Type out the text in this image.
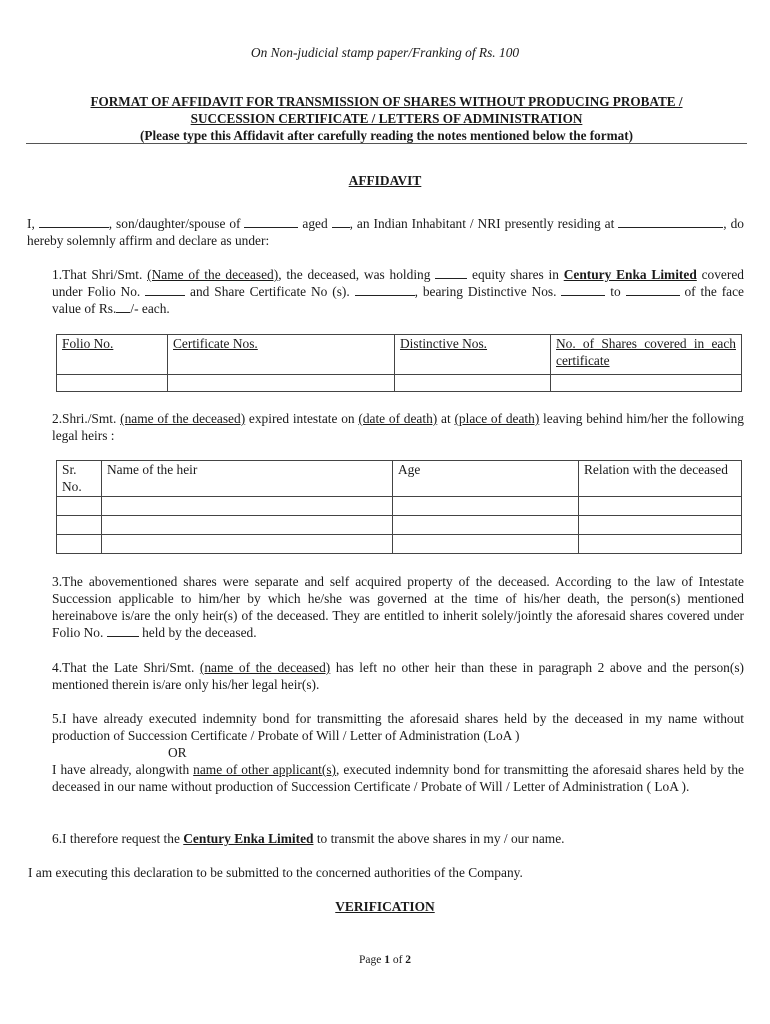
On Non-judicial stamp paper/Franking of Rs. 100
FORMAT OF AFFIDAVIT FOR TRANSMISSION OF SHARES WITHOUT PRODUCING PROBATE /
SUCCESSION CERTIFICATE / LETTERS OF ADMINISTRATION
(Please type this Affidavit after carefully reading the notes mentioned below the format)
AFFIDAVIT
I,	, son/daughter/spouse of	aged , an Indian Inhabitant / NRI presently residing at	, do hereby solemnly affirm and declare as under:
1.That Shri/Smt. (Name of the deceased), the deceased, was holding	equity shares in Century Enka Limited covered under Folio No.	and Share Certificate No (s).	, bearing Distinctive Nos.	to	of the face value of Rs. /- each.
Folio No.	Certificate Nos.	Distinctive Nos.	No. of Shares covered in each certificate

2.Shri./Smt. (name of the deceased) expired intestate on (date of death) at (place of death) leaving behind him/her the following legal heirs :
Sr. No.	Name of the heir	Age	Relation with the deceased

3.The abovementioned shares were separate and self acquired property of the deceased. According to the law of Intestate Succession applicable to him/her by which he/she was governed at the time of his/her death, the person(s) mentioned hereinabove is/are the only heir(s) of the deceased. They are entitled to inherit solely/jointly the aforesaid shares covered under Folio No.	held by the deceased.
4.That the Late Shri/Smt. (name of the deceased) has left no other heir than these in paragraph 2 above and the person(s) mentioned therein is/are only his/her legal heir(s).
5.I have already executed indemnity bond for transmitting the aforesaid shares held by the deceased in my name without production of Succession Certificate / Probate of Will / Letter of Administration (LoA )
OR
I have already, alongwith name of other applicant(s), executed indemnity bond for transmitting the aforesaid shares held by the deceased in our name without production of Succession Certificate / Probate of Will / Letter of Administration ( LoA ).
6.I therefore request the Century Enka Limited to transmit the above shares in my / our name.
I am executing this declaration to be submitted to the concerned authorities of the Company.
VERIFICATION
Page 1 of 2
